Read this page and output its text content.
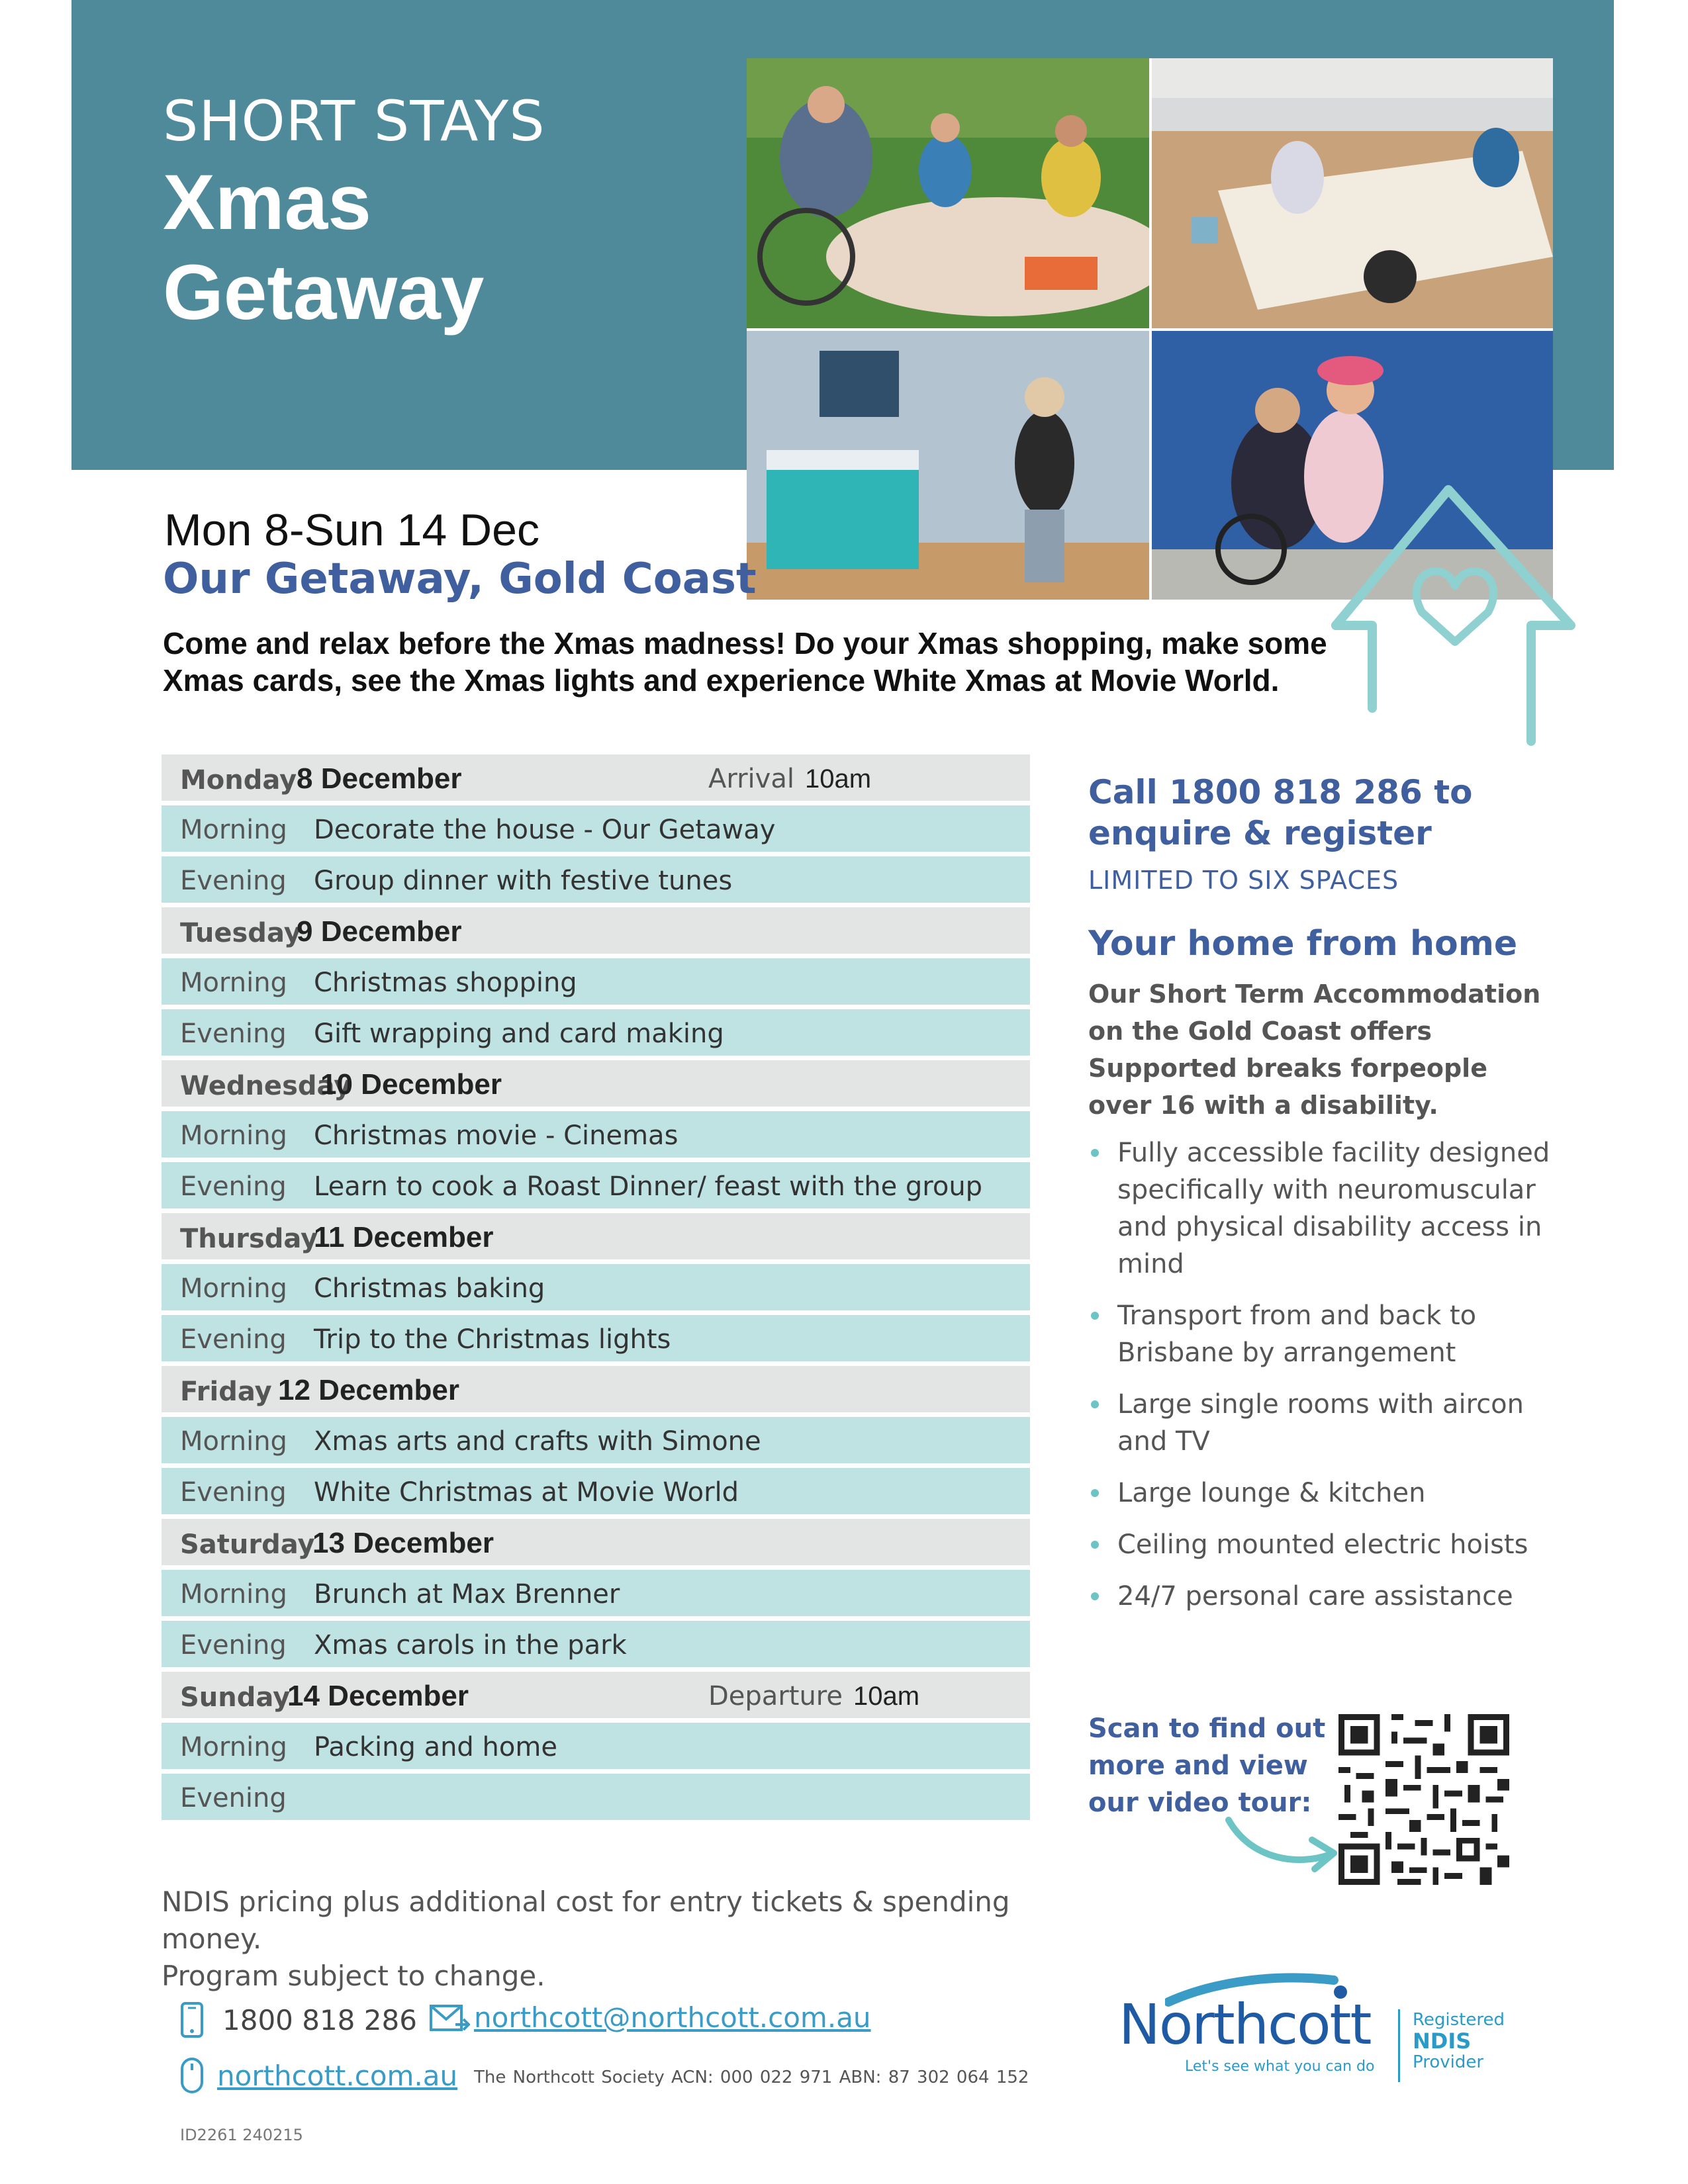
SHORT STAYS
Xmas
Getaway
Mon 8-Sun 14 Dec
Our Getaway, Gold Coast
Come and relax before the Xmas madness! Do your Xmas shopping, make some Xmas cards, see the Xmas lights and experience White Xmas at Movie World.
Monday 8 December	Arrival 10am
Morning Decorate the house - Our Getaway
Evening Group dinner with festive tunes
Tuesday
9 December
Morning Christmas shopping
Evening Gift wrapping and card making
Wednesday
10 December
Morning Christmas movie - Cinemas
Evening Learn to cook a Roast Dinner/ feast with the group
Thursday
11 December
Morning Christmas baking
Evening Trip to the Christmas lights
Friday 12 December
Morning Xmas arts and crafts with Simone
Evening White Christmas at Movie World
Saturday
13 December
Morning Brunch at Max Brenner
Evening Xmas carols in the park
Sunday
14 December	Departure 10am
Morning Packing and home
Evening
NDIS pricing plus additional cost for entry tickets & spending money.
Program subject to change.
1800 818 286 northcott@northcott.com.au
northcott.com.au The Northcott Society ACN: 000 022 971 ABN: 87 302 064 152
ID2261 240215
Call 1800 818 286 to
enquire & register
LIMITED TO SIX SPACES
Your home from home
Our Short Term Accommodation on the Gold Coast offers Supported breaks forpeople over 16 with a disability.
Fully accessible facility designed specifically with neuromuscular and physical disability access in mind
Transport from and back to Brisbane by arrangement
Large single rooms with aircon and TV
Large lounge & kitchen
Ceiling mounted electric hoists
24/7 personal care assistance
Scan to find out more and view our video tour:
Northcott
Let's see what you can do
Registered
NDIS
Provider
